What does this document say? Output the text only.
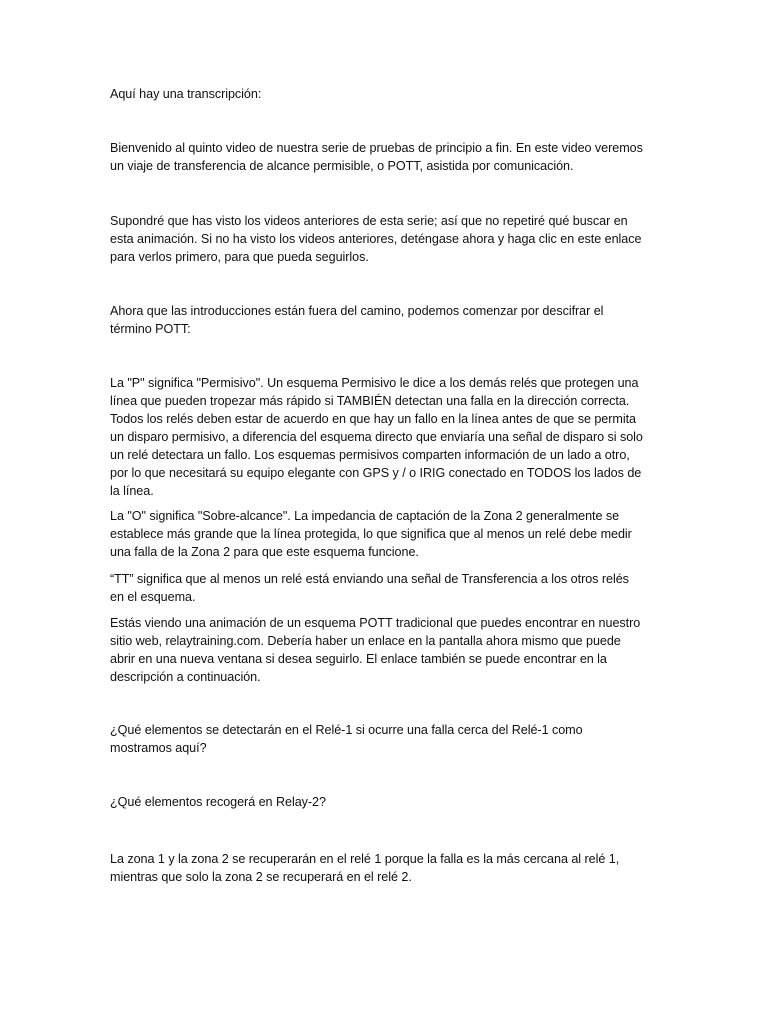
Aquí hay una transcripción:

Bienvenido al quinto video de nuestra serie de pruebas de principio a fin. En este video veremos un viaje de transferencia de alcance permisible, o POTT, asistida por comunicación.

Supondré que has visto los videos anteriores de esta serie; así que no repetiré qué buscar en esta animación. Si no ha visto los videos anteriores, deténgase ahora y haga clic en este enlace para verlos primero, para que pueda seguirlos.

Ahora que las introducciones están fuera del camino, podemos comenzar por descifrar el término POTT:

La "P" significa "Permisivo". Un esquema Permisivo le dice a los demás relés que protegen una línea que pueden tropezar más rápido si TAMBIÉN detectan una falla en la dirección correcta. Todos los relés deben estar de acuerdo en que hay un fallo en la línea antes de que se permita un disparo permisivo, a diferencia del esquema directo que enviaría una señal de disparo si solo un relé detectara un fallo. Los esquemas permisivos comparten información de un lado a otro, por lo que necesitará su equipo elegante con GPS y / o IRIG conectado en TODOS los lados de la línea.

La "O" significa "Sobre-alcance". La impedancia de captación de la Zona 2 generalmente se establece más grande que la línea protegida, lo que significa que al menos un relé debe medir una falla de la Zona 2 para que este esquema funcione.

“TT” significa que al menos un relé está enviando una señal de Transferencia a los otros relés en el esquema.

Estás viendo una animación de un esquema POTT tradicional que puedes encontrar en nuestro sitio web, relaytraining.com. Debería haber un enlace en la pantalla ahora mismo que puede abrir en una nueva ventana si desea seguirlo. El enlace también se puede encontrar en la descripción a continuación.

¿Qué elementos se detectarán en el Relé-1 si ocurre una falla cerca del Relé-1 como mostramos aquí?

¿Qué elementos recogerá en Relay-2?

La zona 1 y la zona 2 se recuperarán en el relé 1 porque la falla es la más cercana al relé 1, mientras que solo la zona 2 se recuperará en el relé 2.
